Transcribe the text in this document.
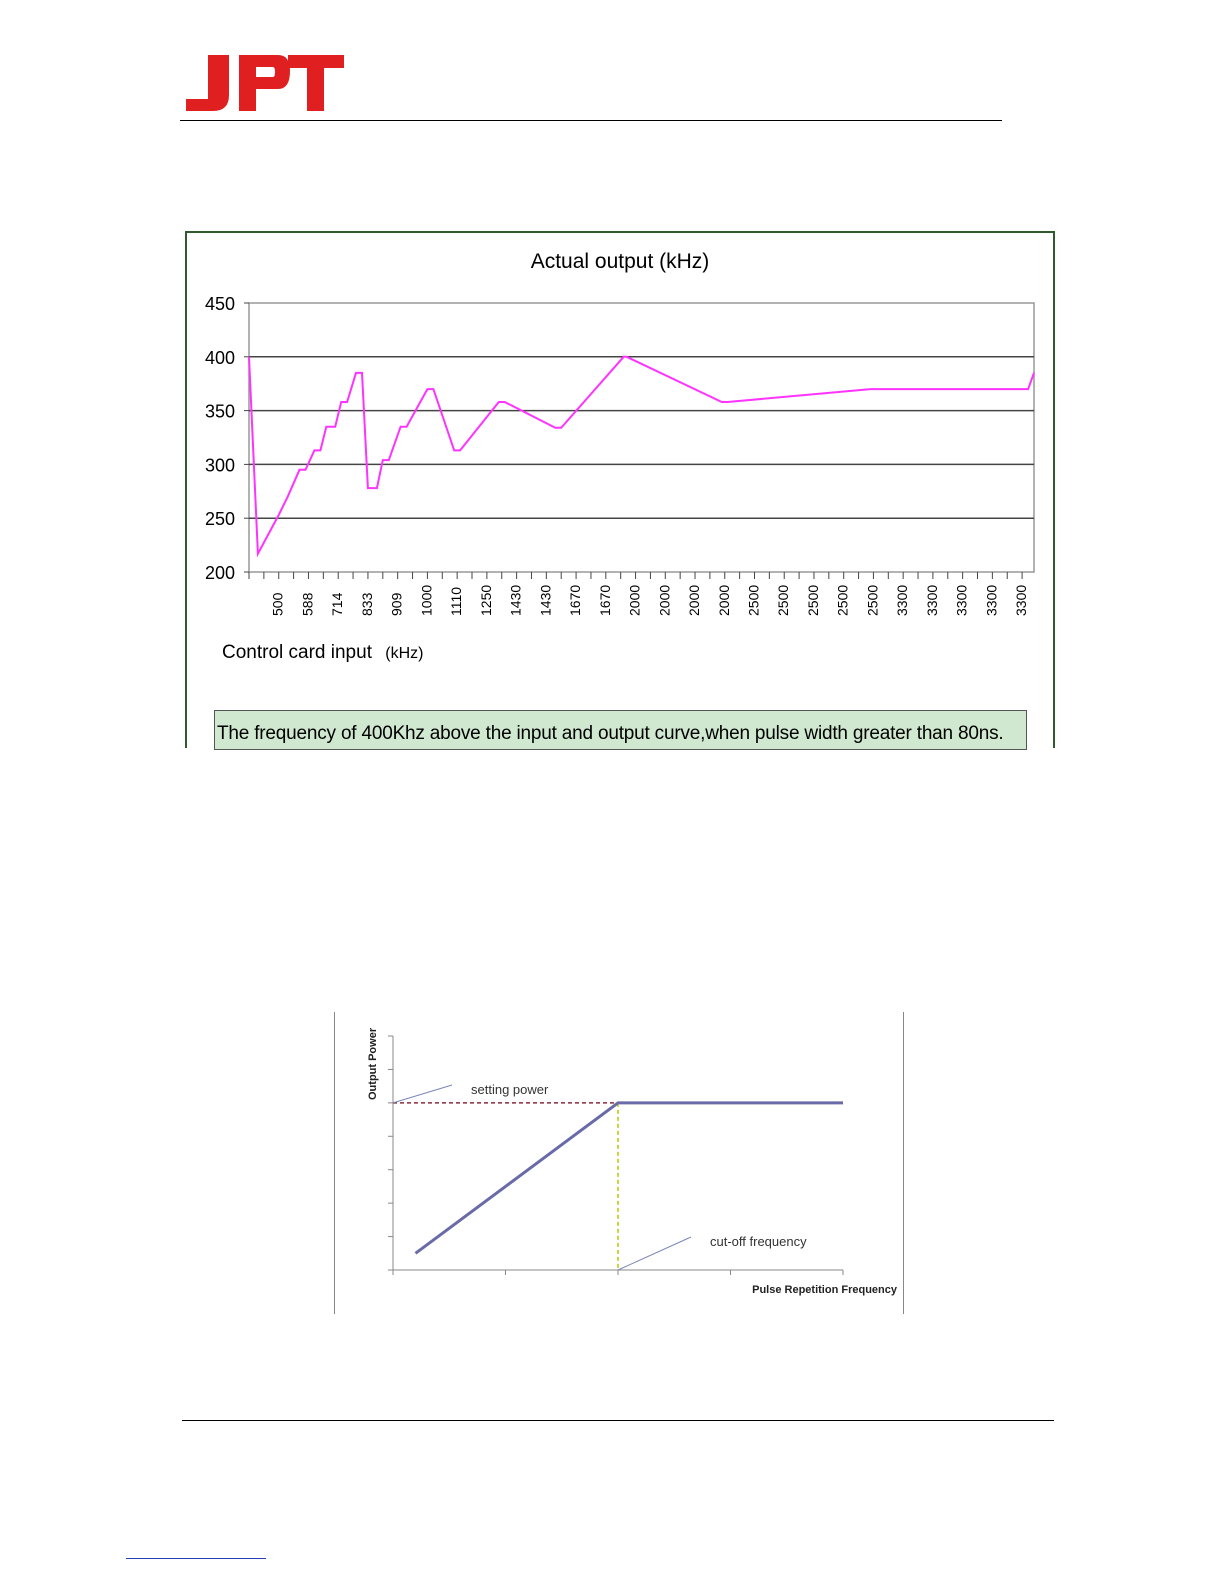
JPT
Actual output (kHz)
200
250
300
350
400
450
500 588 714 833 909 1000 1110 1250 1430 1430 1670 1670 2000 2000 2000 2000 2500 2500 2500 2500 2500 3300 3300 3300 3300 3300
Control card input (kHz)
The frequency of 400Khz above the input and output curve,when pulse width greater than 80ns.
Output Power
Pulse Repetition Frequency
setting power
cut-off frequency
